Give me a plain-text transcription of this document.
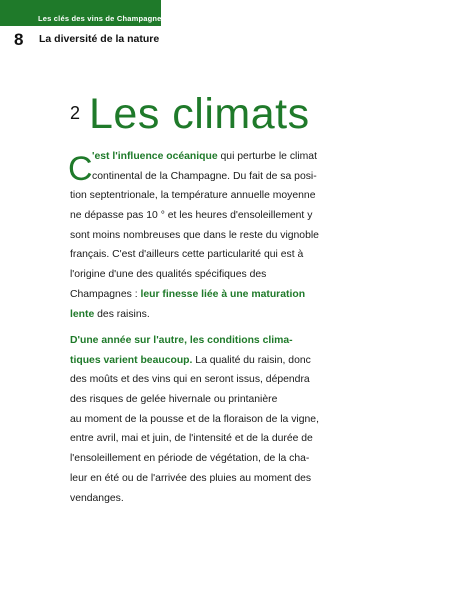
Les clés des vins de Champagne
8 La diversité de la nature
2 Les climats
C 'est l'influence océanique qui perturbe le climat
continental de la Champagne. Du fait de sa posi-
tion septentrionale, la température annuelle moyenne
ne dépasse pas 10 ° et les heures d'ensoleillement y
sont moins nombreuses que dans le reste du vignoble
français. C'est d'ailleurs cette particularité qui est à
l'origine d'une des qualités spécifiques des
Champagnes : leur finesse liée à une maturation
lente des raisins.
D'une année sur l'autre, les conditions clima-
tiques varient beaucoup. La qualité du raisin, donc
des moûts et des vins qui en seront issus, dépendra
des risques de gelée hivernale ou printanière
au moment de la pousse et de la floraison de la vigne,
entre avril, mai et juin, de l'intensité et de la durée de
l'ensoleillement en période de végétation, de la cha-
leur en été ou de l'arrivée des pluies au moment des
vendanges.
